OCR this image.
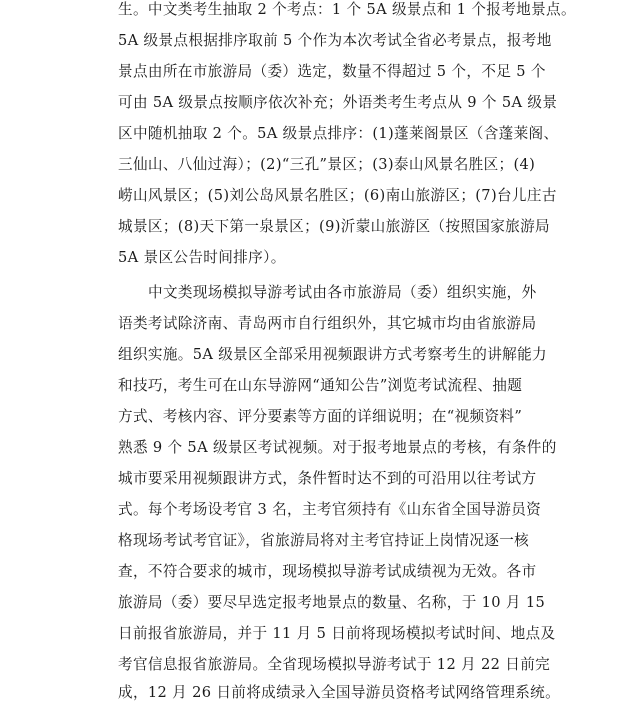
生。中文类考生抽取 2 个考点：1 个 5A 级景点和 1 个报考地景点。
5A 级景点根据排序取前 5 个作为本次考试全省必考景点，报考地
景点由所在市旅游局（委）选定，数量不得超过 5 个，不足 5 个
可由 5A 级景点按顺序依次补充；外语类考生考点从 9 个 5A 级景
区中随机抽取 2 个。5A 级景点排序：(1)蓬莱阁景区（含蓬莱阁、
三仙山、八仙过海）；(2)“三孔”景区；(3)泰山风景名胜区；(4)
崂山风景区；(5)刘公岛风景名胜区；(6)南山旅游区；(7)台儿庄古
城景区；(8)天下第一泉景区；(9)沂蒙山旅游区（按照国家旅游局
5A 景区公告时间排序）。
中文类现场模拟导游考试由各市旅游局（委）组织实施，外
语类考试除济南、青岛两市自行组织外，其它城市均由省旅游局
组织实施。5A 级景区全部采用视频跟讲方式考察考生的讲解能力
和技巧，考生可在山东导游网“通知公告”浏览考试流程、抽题
方式、考核内容、评分要素等方面的详细说明；在“视频资料”
熟悉 9 个 5A 级景区考试视频。对于报考地景点的考核，有条件的
城市要采用视频跟讲方式，条件暂时达不到的可沿用以往考试方
式。每个考场设考官 3 名，主考官须持有《山东省全国导游员资
格现场考试考官证》，省旅游局将对主考官持证上岗情况逐一核
查，不符合要求的城市，现场模拟导游考试成绩视为无效。各市
旅游局（委）要尽早选定报考地景点的数量、名称，于 10 月 15
日前报省旅游局，并于 11 月 5 日前将现场模拟考试时间、地点及
考官信息报省旅游局。全省现场模拟导游考试于 12 月 22 日前完
成，12 月 26 日前将成绩录入全国导游员资格考试网络管理系统。
